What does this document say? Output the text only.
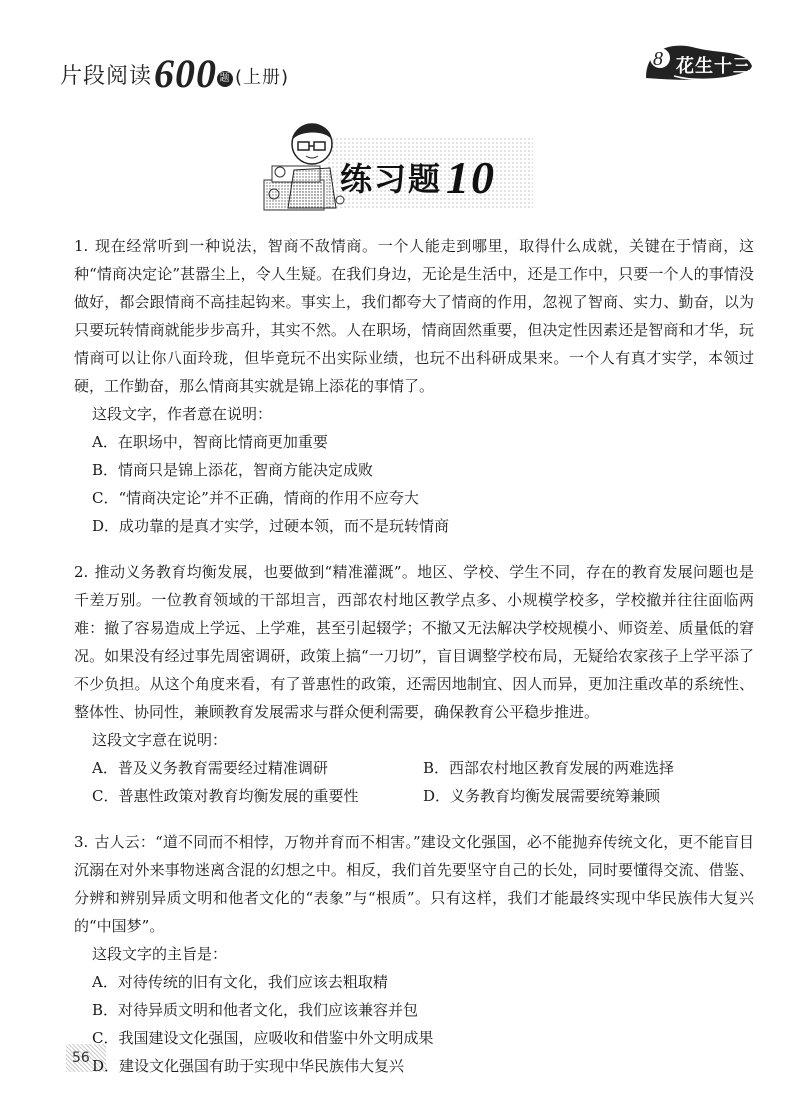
片段阅读600 题 (上册)
8 花生十三
练习题10
1. 现在经常听到一种说法，智商不敌情商。一个人能走到哪里，取得什么成就，关键在于情商，这种“情商决定论”甚嚣尘上，令人生疑。在我们身边，无论是生活中，还是工作中，只要一个人的事情没做好，都会跟情商不高挂起钩来。事实上，我们都夸大了情商的作用，忽视了智商、实力、勤奋，以为只要玩转情商就能步步高升，其实不然。人在职场，情商固然重要，但决定性因素还是智商和才华，玩情商可以让你八面玲珑，但毕竟玩不出实际业绩，也玩不出科研成果来。一个人有真才实学，本领过硬，工作勤奋，那么情商其实就是锦上添花的事情了。
这段文字，作者意在说明：
A．在职场中，智商比情商更加重要
B．情商只是锦上添花，智商方能决定成败
C．“情商决定论”并不正确，情商的作用不应夸大
D．成功靠的是真才实学，过硬本领，而不是玩转情商
2. 推动义务教育均衡发展，也要做到“精准灌溉”。地区、学校、学生不同，存在的教育发展问题也是千差万别。一位教育领域的干部坦言，西部农村地区教学点多、小规模学校多，学校撤并往往面临两难：撤了容易造成上学远、上学难，甚至引起辍学；不撤又无法解决学校规模小、师资差、质量低的窘况。如果没有经过事先周密调研，政策上搞“一刀切”，盲目调整学校布局，无疑给农家孩子上学平添了不少负担。从这个角度来看，有了普惠性的政策，还需因地制宜、因人而异，更加注重改革的系统性、整体性、协同性，兼顾教育发展需求与群众便利需要，确保教育公平稳步推进。
这段文字意在说明：
A．普及义务教育需要经过精准调研	B．西部农村地区教育发展的两难选择
C．普惠性政策对教育均衡发展的重要性	D．义务教育均衡发展需要统筹兼顾
3. 古人云：“道不同而不相悖，万物并育而不相害。”建设文化强国，必不能抛弃传统文化，更不能盲目沉溺在对外来事物迷离含混的幻想之中。相反，我们首先要坚守自己的长处，同时要懂得交流、借鉴、分辨和辨别异质文明和他者文化的“表象”与“根质”。只有这样，我们才能最终实现中华民族伟大复兴的“中国梦”。
这段文字的主旨是：
A．对待传统的旧有文化，我们应该去粗取精
B．对待异质文明和他者文化，我们应该兼容并包
C．我国建设文化强国，应吸收和借鉴中外文明成果
D．建设文化强国有助于实现中华民族伟大复兴
56
